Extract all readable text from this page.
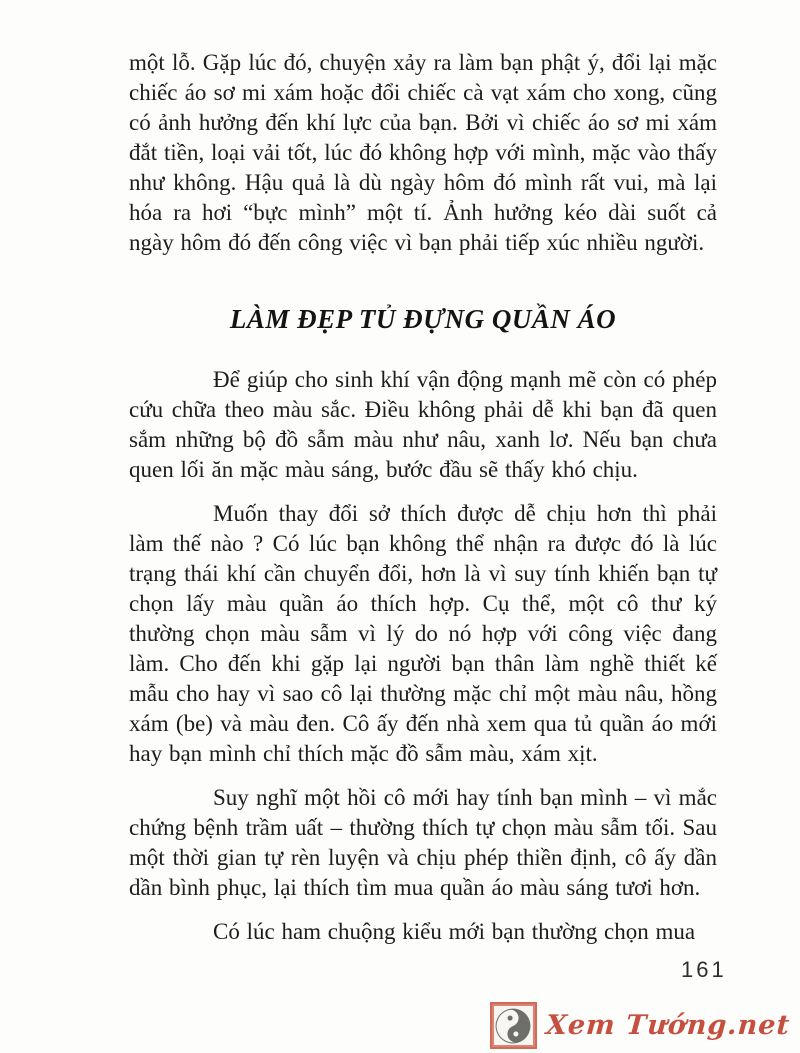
một lỗ. Gặp lúc đó, chuyện xảy ra làm bạn phật ý, đổi lại mặc chiếc áo sơ mi xám hoặc đổi chiếc cà vạt xám cho xong, cũng có ảnh hưởng đến khí lực của bạn. Bởi vì chiếc áo sơ mi xám đắt tiền, loại vải tốt, lúc đó không hợp với mình, mặc vào thấy như không. Hậu quả là dù ngày hôm đó mình rất vui, mà lại hóa ra hơi “bực mình” một tí. Ảnh hưởng kéo dài suốt cả ngày hôm đó đến công việc vì bạn phải tiếp xúc nhiều người.

LÀM ĐẸP TỦ ĐỰNG QUẦN ÁO

Để giúp cho sinh khí vận động mạnh mẽ còn có phép cứu chữa theo màu sắc. Điều không phải dễ khi bạn đã quen sắm những bộ đồ sẫm màu như nâu, xanh lơ. Nếu bạn chưa quen lối ăn mặc màu sáng, bước đầu sẽ thấy khó chịu.

Muốn thay đổi sở thích được dễ chịu hơn thì phải làm thế nào ? Có lúc bạn không thể nhận ra được đó là lúc trạng thái khí cần chuyển đổi, hơn là vì suy tính khiến bạn tự chọn lấy màu quần áo thích hợp. Cụ thể, một cô thư ký thường chọn màu sẫm vì lý do nó hợp với công việc đang làm. Cho đến khi gặp lại người bạn thân làm nghề thiết kế mẫu cho hay vì sao cô lại thường mặc chỉ một màu nâu, hồng xám (be) và màu đen. Cô ấy đến nhà xem qua tủ quần áo mới hay bạn mình chỉ thích mặc đồ sẫm màu, xám xịt.

Suy nghĩ một hồi cô mới hay tính bạn mình – vì mắc chứng bệnh trầm uất – thường thích tự chọn màu sẫm tối. Sau một thời gian tự rèn luyện và chịu phép thiền định, cô ấy dần dần bình phục, lại thích tìm mua quần áo màu sáng tươi hơn.

Có lúc ham chuộng kiểu mới bạn thường chọn mua

161
Xem Tướng.net
